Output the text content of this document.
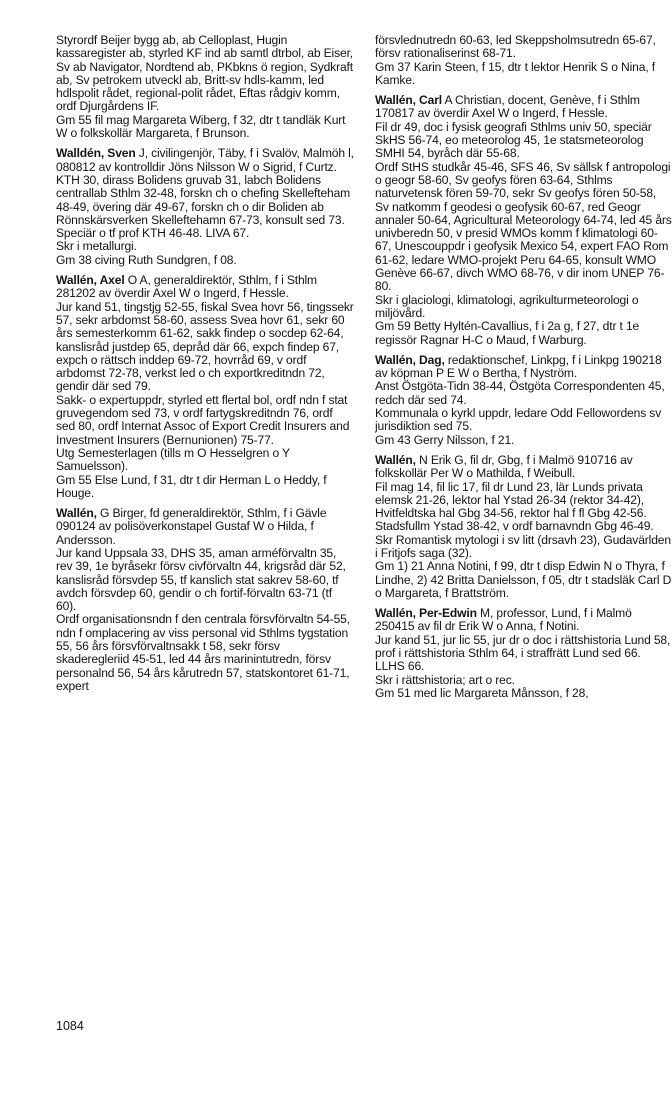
Styrordf Beijer bygg ab, ab Celloplast, Hugin kassaregister ab, styrled KF ind ab samtl dtrbol, ab Eiser, Sv ab Navigator, Nordtend ab, PKbkns ö region, Sydkraft ab, Sv petrokem utveckl ab, Britt-sv hdls-kamm, led hdlspolit rådet, regional-polit rådet, Eftas rådgiv komm, ordf Djurgårdens IF.

Gm 55 fil mag Margareta Wiberg, f 32, dtr t tandläk Kurt W o folkskollär Margareta, f Brunson.

Walldén, Sven J, civilingenjör, Täby, f i Svalöv, Malmöh l, 080812 av kontrolldir Jöns Nilsson W o Sigrid, f Curtz.

KTH 30, dirass Bolidens gruvab 31, labch Bolidens centrallab Sthlm 32-48, forskn ch o chefing Skellefteham 48-49, övering där 49-67, forskn ch o dir Boliden ab Rönnskärsverken Skelleftehamn 67-73, konsult sed 73.

Speciär o tf prof KTH 46-48. LIVA 67.

Skr i metallurgi.

Gm 38 civing Ruth Sundgren, f 08.

Wallén, Axel O A, generaldirektör, Sthlm, f i Sthlm 281202 av överdir Axel W o Ingerd, f Hessle.

Jur kand 51, tingstjg 52-55, fiskal Svea hovr 56, tingssekr 57, sekr arbdomst 58-60, assess Svea hovr 61, sekr 60 års semesterkomm 61-62, sakk findep o socdep 62-64, kanslisråd justdep 65, depråd där 66, expch findep 67, expch o rättsch inddep 69-72, hovrråd 69, v ordf arbdomst 72-78, verkst led o ch exportkreditndn 72, gendir där sed 79.

Sakk- o expertuppdr, styrled ett flertal bol, ordf ndn f stat gruvegendom sed 73, v ordf fartygskreditndn 76, ordf sed 80, ordf Internat Assoc of Export Credit Insurers and Investment Insurers (Bernunionen) 75-77.

Utg Semesterlagen (tills m O Hesselgren o Y Samuelsson).

Gm 55 Else Lund, f 31, dtr t dir Herman L o Heddy, f Houge.

Wallén, G Birger, fd generaldirektör, Sthlm, f i Gävle 090124 av polisöverkonstapel Gustaf W o Hilda, f Andersson.

Jur kand Uppsala 33, DHS 35, aman arméförvaltn 35, rev 39, 1e byråsekr försv civförvaltn 44, krigsråd där 52, kanslisråd försvdep 55, tf kanslich stat sakrev 58-60, tf avdch försvdep 60, gendir o ch fortif-förvaltn 63-71 (tf 60).

Ordf organisationsndn f den centrala försvförvaltn 54-55, ndn f omplacering av viss personal vid Sthlms tygstation 55, 56 års försvförvaltnsakk t 58, sekr försv skaderegleriid 45-51, led 44 års marinintutredn, försv personalnd 56, 54 års kårutredn 57, statskontoret 61-71, expert

försvlednutredn 60-63, led Skeppsholmsutredn 65-67, försv rationaliserinst 68-71.

Gm 37 Karin Steen, f 15, dtr t lektor Henrik S o Nina, f Kamke.

Wallén, Carl A Christian, docent, Genève, f i Sthlm 170817 av överdir Axel W o Ingerd, f Hessle.

Fil dr 49, doc i fysisk geografi Sthlms univ 50, speciär SkHS 56-74, eo meteorolog 45, 1e statsmeteorolog SMHI 54, byråch där 55-68.

Ordf StHS studkår 45-46, SFS 46, Sv sällsk f antropologi o geogr 58-60, Sv geofys fören 63-64, Sthlms naturvetensk fören 59-70, sekr Sv geofys fören 50-58, Sv natkomm f geodesi o geofysik 60-67, red Geogr annaler 50-64, Agricultural Meteorology 64-74, led 45 års univberedn 50, v presid WMOs komm f klimatologi 60-67, Unescouppdr i geofysik Mexico 54, expert FAO Rom 61-62, ledare WMO-projekt Peru 64-65, konsult WMO Genève 66-67, divch WMO 68-76, v dir inom UNEP 76-80.

Skr i glaciologi, klimatologi, agrikulturmeteorologi o miljövård.

Gm 59 Betty Hyltén-Cavallius, f i 2a g, f 27, dtr t 1e regissör Ragnar H-C o Maud, f Warburg.

Wallén, Dag, redaktionschef, Linkpg, f i Linkpg 190218 av köpman P E W o Bertha, f Nyström.

Anst Östgöta-Tidn 38-44, Östgöta Correspondenten 45, redch där sed 74.

Kommunala o kyrkl uppdr, ledare Odd Fellowordens sv jurisdiktion sed 75.

Gm 43 Gerry Nilsson, f 21.

Wallén, N Erik G, fil dr, Gbg, f i Malmö 910716 av folkskollär Per W o Mathilda, f Weibull.

Fil mag 14, fil lic 17, fil dr Lund 23, lär Lunds privata elemsk 21-26, lektor hal Ystad 26-34 (rektor 34-42), Hvitfeldtska hal Gbg 34-56, rektor hal f fl Gbg 42-56.

Stadsfullm Ystad 38-42, v ordf barnavndn Gbg 46-49.

Skr Romantisk mytologi i sv litt (drsavh 23), Gudavärlden i Fritjofs saga (32).

Gm 1) 21 Anna Notini, f 99, dtr t disp Edwin N o Thyra, f Lindhe, 2) 42 Britta Danielsson, f 05, dtr t stadsläk Carl D o Margareta, f Brattström.

Wallén, Per-Edwin M, professor, Lund, f i Malmö 250415 av fil dr Erik W o Anna, f Notini.

Jur kand 51, jur lic 55, jur dr o doc i rättshistoria Lund 58, prof i rättshistoria Sthlm 64, i straffrätt Lund sed 66.

LLHS 66.

Skr i rättshistoria; art o rec.

Gm 51 med lic Margareta Månsson, f 28,

1084
